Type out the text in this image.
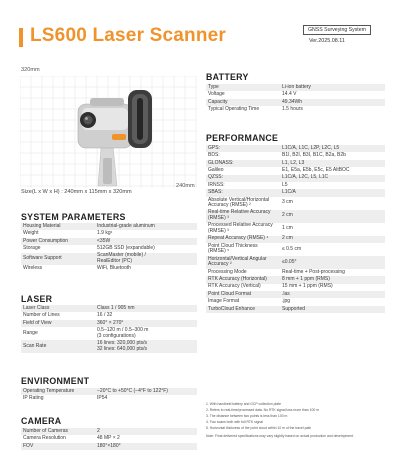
LS600 Laser Scanner	GNSS Surveying System
Ver.2025.08.11
320mm
240mm
Size(L x W x H) : 240mm x 115mm x 320mm
SYSTEM PARAMETERS
Housing Material	Industrial-grade aluminum
Weight	1.9 kg¹
Power Consumption	<35W
Storage	512GB SSD (expandable)
Software Support	ScanMaster (mobile) /
RealEditor (PC)

Wireless	WiFi, Bluetooth
LASER
Laser Class	Class 1 / 905 nm
Number of Lines	16 / 32
Field of View	360° × 270°
Range	0.5–120 m / 0.5–300 m
(3 configurations)

Scan Rate	16 lines: 320,000 pts/s
32 lines: 640,000 pts/s
ENVIRONMENT
Operating Temperature	−20°C to +50°C (−4°F to 122°F)
IP Rating	IP54
CAMERA
Number of Cameras	2
Camera Resolution	48 MP × 2
FOV	180°×180°
BATTERY
Type	Li-ion battery
Voltage	14.4 V
Capacity	49.34Wh
Typical Operating Time	1.5 hours
PERFORMANCE
GPS:	L1C/A, L1C, L2P, L2C, L5
BDS:	B1I, B2I, B3I, B1C, B2a, B2b
GLONASS:	L1, L2, L3
Galileo	E1, E5a, E5b, E5c, E5 AltBOC
QZSS:	L1C/A, L2C, L5, L1C
IRNSS:	L5
SBAS:	L1C/A

Absolute Vertical/Horizontal
Accuracy (RMSE) ²	3 cm

Real-time Relative Accuracy
(RMSE) ³	2 cm

Processed Relative Accuracy
(RMSE) ³	1 cm
Repeat Accuracy (RMSE) ⁴	2 cm

Point Cloud Thickness
(RMSE) ⁵	≤ 0.5 cm

Horizontal/Vertical Angular
Accuracy ²	≤0.05°
Processing Mode	Real-time + Post-processing
RTK Accuracy (Horizontal)	8 mm + 1 ppm (RMS)
RTK Accuracy (Vertical)	15 mm + 1 ppm (RMS)
Point Cloud Format	.las
Image Format	.jpg
TurboCloud Enhance	Supported
1. With handheld battery and GCP collection plate
2. Refers to real-time/processed data. No RTK signal loss more than 100 m
3. The distance between two points is less than 100 m
4. Two scans both with full RTK signal
5. Horizontal thickness of the point cloud within 10 m of the travel path
Note: Final delivered specifications may vary slightly based on actual production and development.
